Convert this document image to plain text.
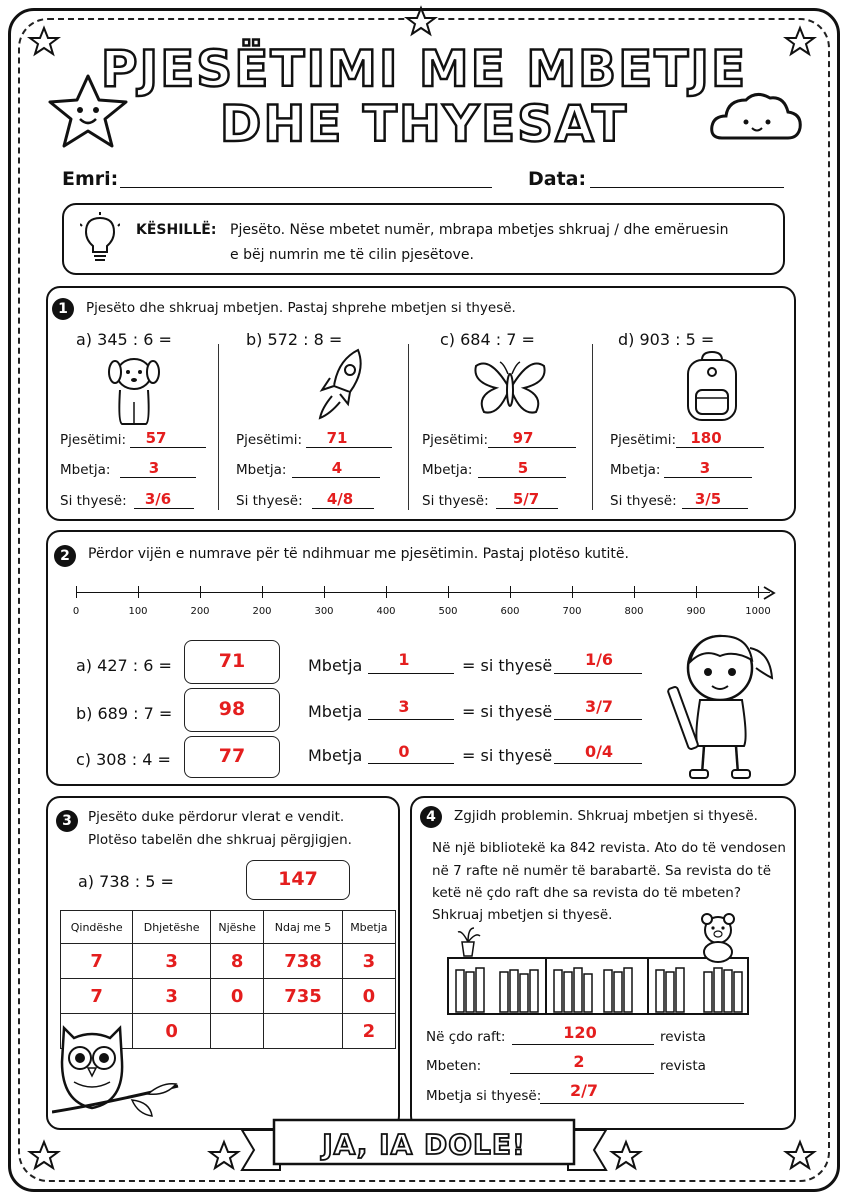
PJESËTIMI ME MBETJE
DHE THYESAT
Emri:	Data:
KËSHILLË: Pjesëto. Nëse mbetet numër, mbrapa mbetjes shkruaj / dhe emëruesin
e bëj numrin me të cilin pjesëtove.
1	Pjesëto dhe shkruaj mbetjen. Pastaj shprehe mbetjen si thyesë.
a) 345 : 6 =
Pjesëtimi:	57
Mbetja:	3
Si thyesë:	3/6
b) 572 : 8 =
Pjesëtimi:	71
Mbetja:	4
Si thyesë:	4/8
c) 684 : 7 =
Pjesëtimi:	97
Mbetja:	5
Si thyesë:	5/7
d) 903 : 5 =
Pjesëtimi: 180
Mbetja:	3
Si thyesë:	3/5
2	Përdor vijën e numrave për të ndihmuar me pjesëtimin. Pastaj plotëso kutitë.
0	100	200	200	300	400	500	600	700	800	900	1000
a) 427 : 6 =	71	Mbetja	1	= si thyesë	1/6
b) 689 : 7 =	98	Mbetja	3	= si thyesë	3/7
c) 308 : 4 =	77	Mbetja	0	= si thyesë	0/4
3	Pjesëto duke përdorur vlerat e vendit.
Plotëso tabelën dhe shkruaj përgjigjen.
a) 738 : 5 =	147
Qindëshe	Dhjetëshe	Njëshe	Ndaj me 5	Mbetja
7	3	8	738	3
7	3	0	735	0
	0			2
4	Zgjidh problemin. Shkruaj mbetjen si thyesë.
Në një bibliotekë ka 842 revista. Ato do të vendosen
në 7 rafte në numër të barabartë. Sa revista do të
ketë në çdo raft dhe sa revista do të mbeten?
Shkruaj mbetjen si thyesë.
Në çdo raft:	120	revista
Mbeten:	2	revista
Mbetja si thyesë:	2/7
JA, IA DOLE!
